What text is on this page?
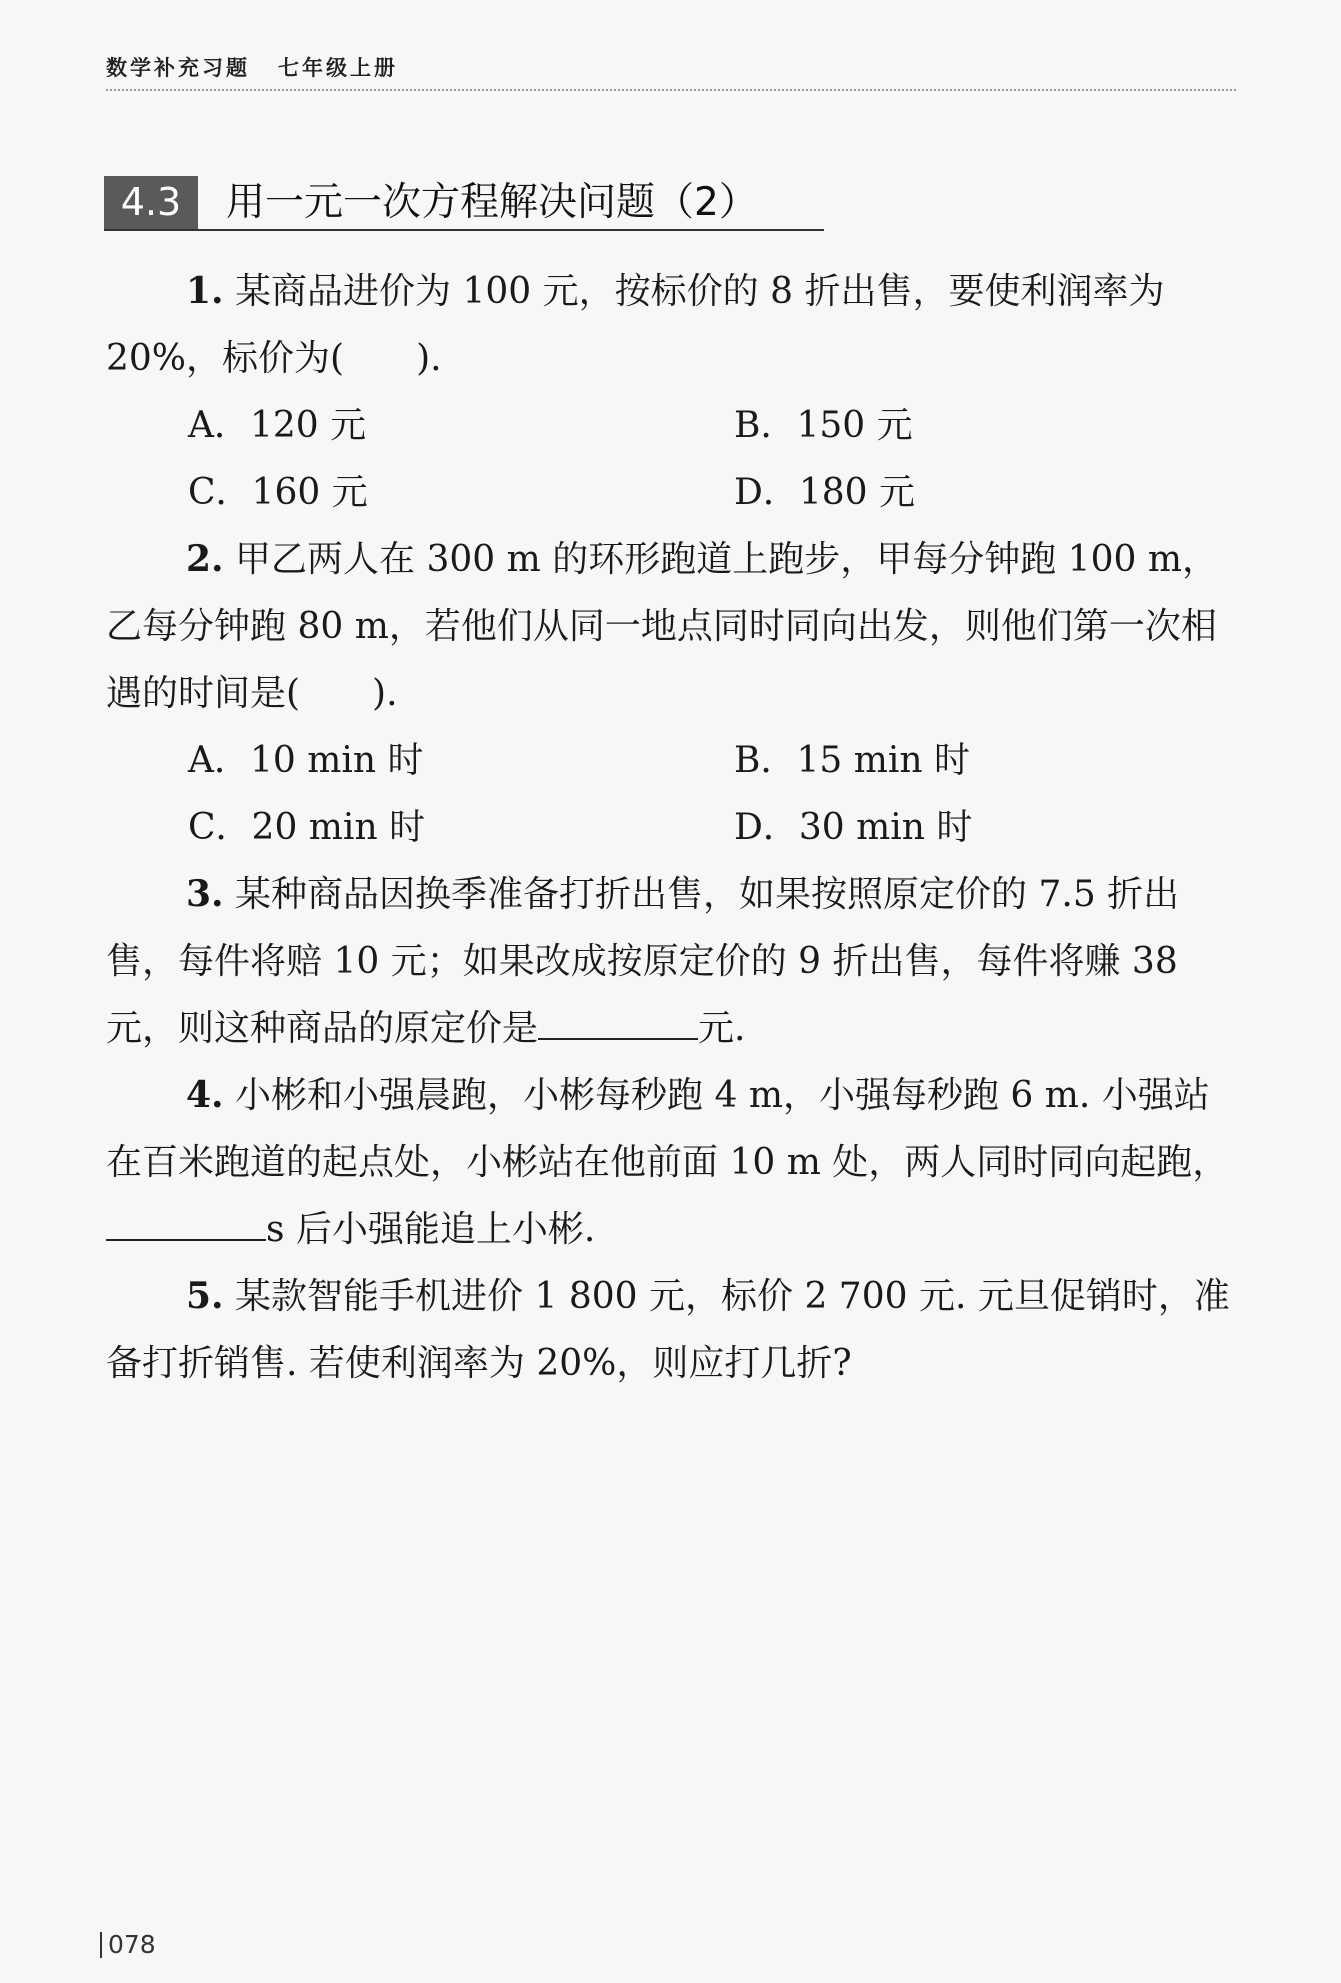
数学补充习题 七年级上册
4.3	用一元一次方程解决问题（2）

1. 某商品进价为 100 元，按标价的 8 折出售，要使利润率为 20%，标价为( ).

A．120 元	B．150 元
C．160 元	D．180 元

2. 甲乙两人在 300 m 的环形跑道上跑步，甲每分钟跑 100 m，乙每分钟跑 80 m，若他们从同一地点同时同向出发，则他们第一次相遇的时间是( ).

A．10 min 时	B．15 min 时
C．20 min 时	D．30 min 时

3. 某种商品因换季准备打折出售，如果按照原定价的 7.5 折出售，每件将赔 10 元；如果改成按原定价的 9 折出售，每件将赚 38 元，则这种商品的原定价是	元.

4. 小彬和小强晨跑，小彬每秒跑 4 m，小强每秒跑 6 m. 小强站在百米跑道的起点处，小彬站在他前面 10 m 处，两人同时同向起跑，s 后小强能追上小彬.

5. 某款智能手机进价 1 800 元，标价 2 700 元. 元旦促销时，准备打折销售. 若使利润率为 20%，则应打几折?

078
